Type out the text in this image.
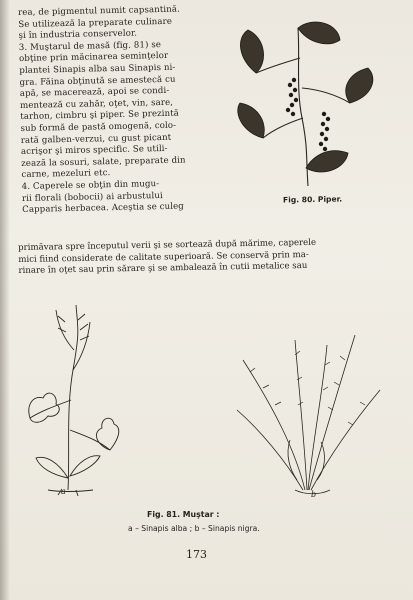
rea, de pigmentul numit capsantină.
Se utilizează la preparate culinare
şi în industria conservelor.
3. Muştarul de masă (fig. 81) se
obţine prin măcinarea seminţelor
plantei Sinapis alba sau Sinapis ni-
gra. Făina obţinută se amestecă cu
apă, se macerează, apoi se condi-
mentează cu zahăr, oţet, vin, sare,
tarhon, cimbru şi piper. Se prezintă
sub formă de pastă omogenă, colo-
rată galben-verzui, cu gust picant
acrişor şi miros specific. Se utili-
zează la sosuri, salate, preparate din
carne, mezeluri etc.
4. Caperele se obţin din mugu-
rii florali (bobocii) ai arbustului
Capparis herbacea. Aceştia se culeg
Fig. 80. Piper.
primăvara spre începutul verii şi se sortează după mărime, caperele
mici fiind considerate de calitate superioară. Se conservă prin ma-
rinare în oţet sau prin sărare şi se ambalează în cutii metalice sau
a	b
Fig. 81. Muştar :
a – Sinapis alba ; b – Sinapis nigra.
173
